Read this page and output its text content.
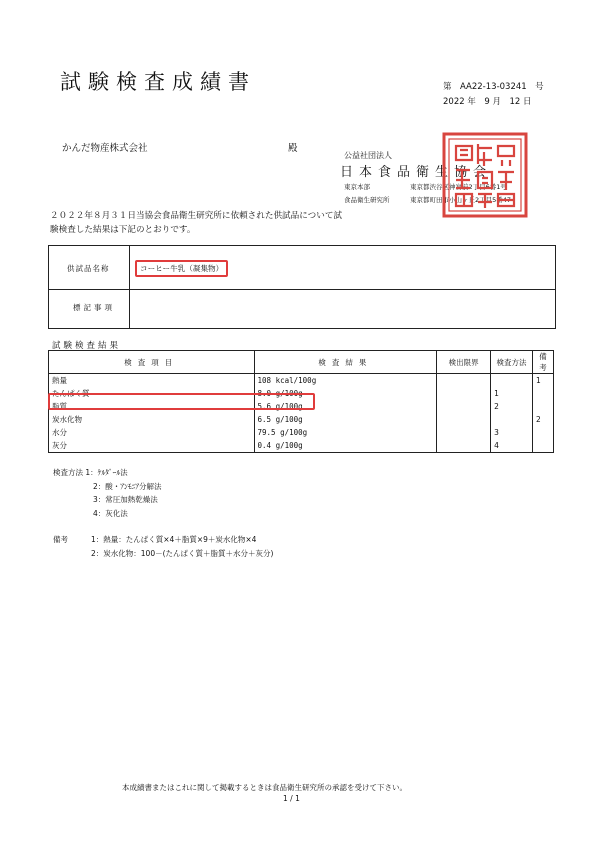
試験検査成績書	第　AA22-13-03241　号
2022 年　9 月　12 日
かんだ物産株式会社	殿
公益社団法人
日本食品衛生協会
東京本部	東京都渋谷区神宮前2丁目6番1号
食品衛生研究所	東京都町田市小山ヶ丘2丁目5番47
２０２２年８月３１日当協会食品衛生研究所に依頼された供試品について試験検査した結果は下記のとおりです。
供試品名称	コーヒー牛乳（凝集物）
標記事項
試験検査結果
検査項目	検査結果	検出限界	検査方法	備考
熱量	108 kcal/100g			1
たんぱく質	8.0 g/100g		1	
脂質	5.6 g/100g		2	
炭水化物	6.5 g/100g			2
水分	79.5 g/100g		3	
灰分	0.4 g/100g		4	
検査方法 1：ｹﾙﾀﾞｰﾙ法
2：酸・ｱﾝﾓﾆｱ分解法
3：常圧加熱乾燥法
4：灰化法
備考	1：熱量：たんぱく質×4＋脂質×9＋炭水化物×4
2：炭水化物：100－(たんぱく質＋脂質＋水分＋灰分)
本成績書またはこれに関して掲載するときは食品衛生研究所の承認を受けて下さい。
1 / 1
